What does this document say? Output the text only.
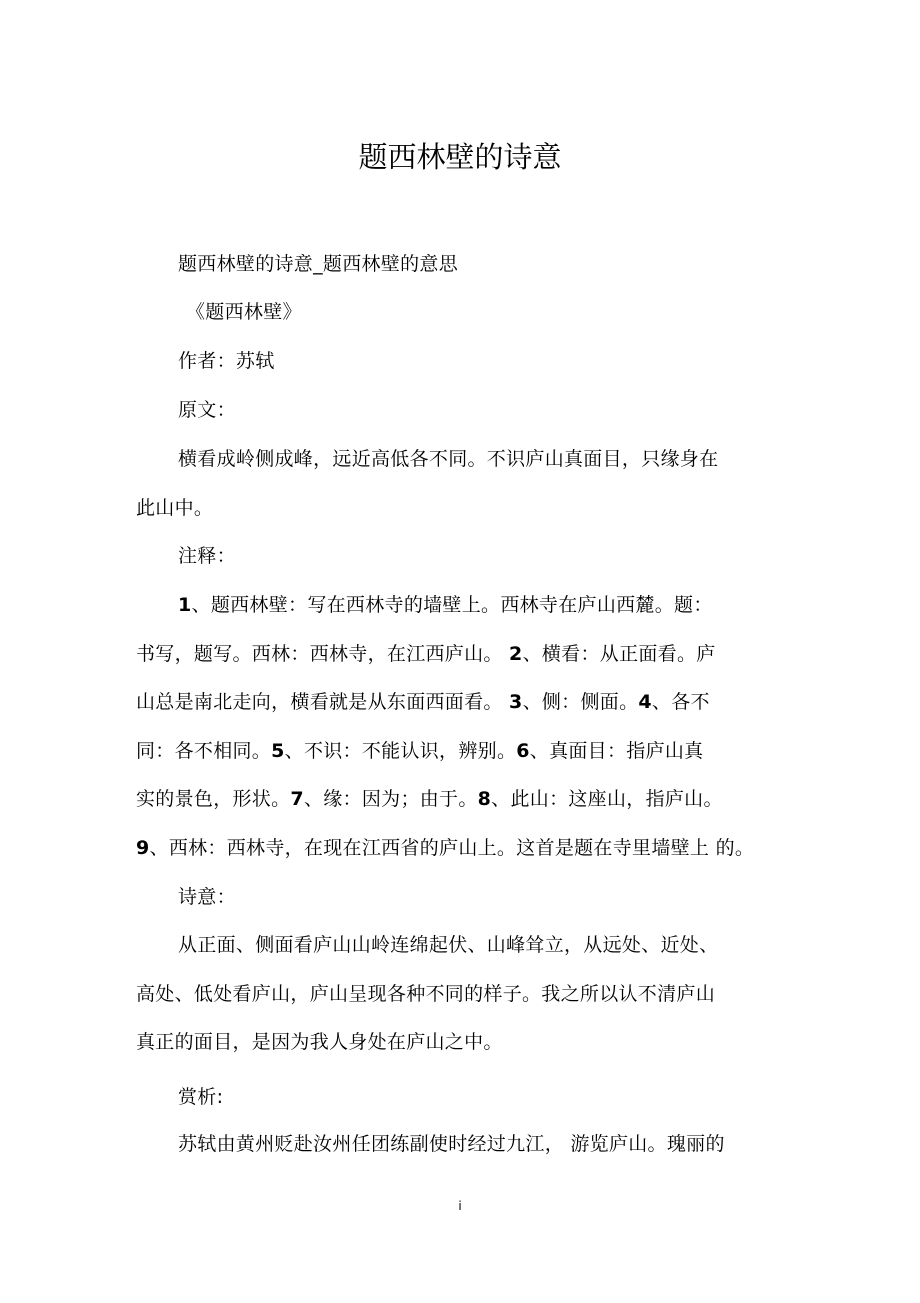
题西林壁的诗意

题西林壁的诗意_题西林壁的意思

《题西林壁》

作者：苏轼

原文：

横看成岭侧成峰，远近高低各不同。不识庐山真面目，只缘身在

此山中。

注释：

1、题西林壁：写在西林寺的墙壁上。西林寺在庐山西麓。题：

书写，题写。西林：西林寺，在江西庐山。 2、横看：从正面看。庐

山总是南北走向，横看就是从东面西面看。 3、侧：侧面。4、各不

同：各不相同。5、不识：不能认识，辨别。6、真面目：指庐山真

实的景色，形状。7、缘：因为；由于。8、此山：这座山，指庐山。

9、西林：西林寺，在现在江西省的庐山上。这首是题在寺里墙壁上 的。

诗意：

从正面、侧面看庐山山岭连绵起伏、山峰耸立，从远处、近处、

高处、低处看庐山，庐山呈现各种不同的样子。我之所以认不清庐山

真正的面目，是因为我人身处在庐山之中。

赏析:

苏轼由黄州贬赴汝州任团练副使时经过九江， 游览庐山。瑰丽的

i
